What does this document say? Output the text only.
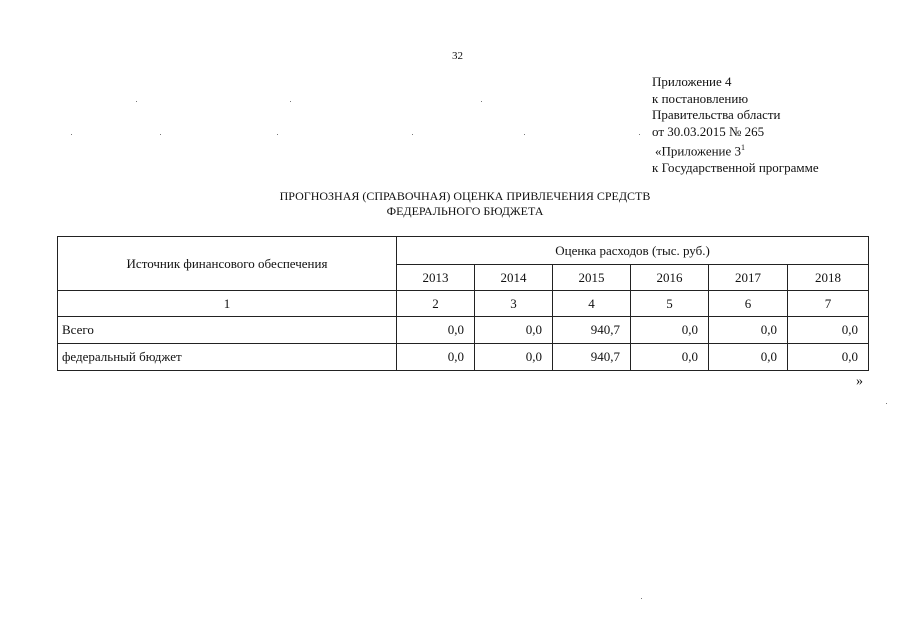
32
Приложение 4
к постановлению
Правительства области
от 30.03.2015 № 265
«Приложение $3^1$
к Государственной программе
ПРОГНОЗНАЯ (СПРАВОЧНАЯ) ОЦЕНКА ПРИВЛЕЧЕНИЯ СРЕДСТВ
ФЕДЕРАЛЬНОГО БЮДЖЕТА
Источник финансового обеспечения	Оценка расходов (тыс. руб.)					
	2013	2014	2015	2016	2017	2018
1	2	3	4	5	6	7
Всего	0,0	0,0	940,7	0,0	0,0	0,0
федеральный бюджет	0,0	0,0	940,7	0,0	0,0	0,0
»
